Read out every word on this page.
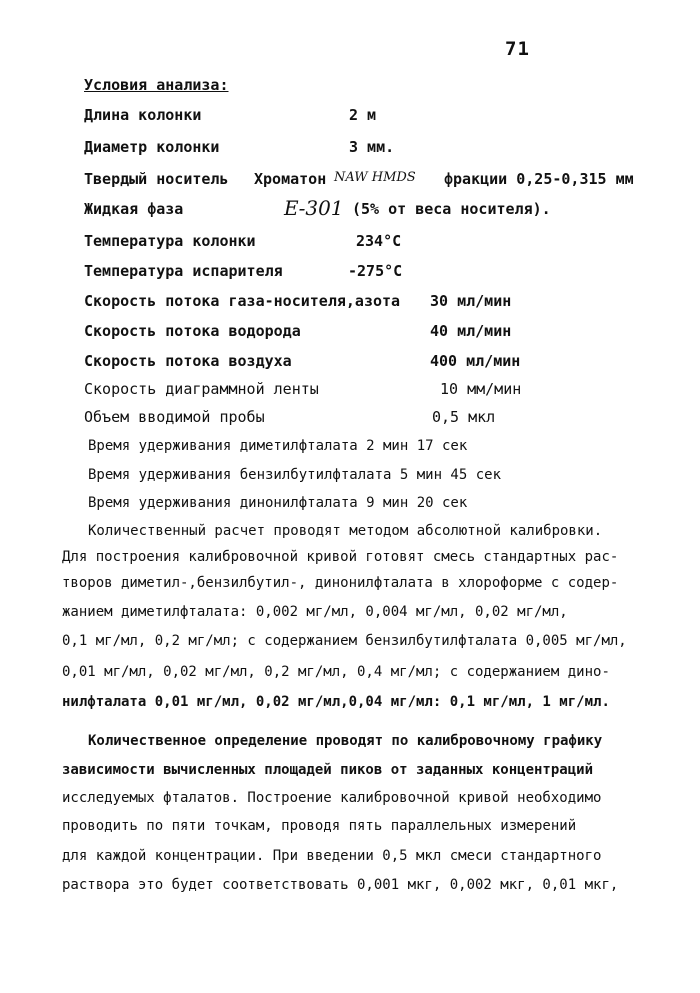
71
Условия анализа:
Длина колонки	2 м
Диаметр колонки	3 мм.
Твердый носитель Хроматон NAW HMDS фракции 0,25-0,315 мм
Жидкая фаза	Е-301 (5% от веса носителя).
Температура колонки	234°С
Температура испарителя	-275°С
Скорость потока газа-носителя,азота 30 мл/мин
Скорость потока водорода	40 мл/мин
Скорость потока воздуха	400 мл/мин
Скорость диаграммной ленты	10 мм/мин
Объем вводимой пробы	0,5 мкл
Время удерживания диметилфталата 2 мин 17 сек
Время удерживания бензилбутилфталата 5 мин 45 сек
Время удерживания динонилфталата 9 мин 20 сек
Количественный расчет проводят методом абсолютной калибровки.
Для построения калибровочной кривой готовят смесь стандартных рас-
творов диметил-,бензилбутил-, динонилфталата в хлороформе с содер-
жанием диметилфталата: 0,002 мг/мл, 0,004 мг/мл, 0,02 мг/мл,
0,1 мг/мл, 0,2 мг/мл; с содержанием бензилбутилфталата 0,005 мг/мл,
0,01 мг/мл, 0,02 мг/мл, 0,2 мг/мл, 0,4 мг/мл; с содержанием дино-
нилфталата 0,01 мг/мл, 0,02 мг/мл,0,04 мг/мл: 0,1 мг/мл, 1 мг/мл.
Количественное определение проводят по калибровочному графику
зависимости вычисленных площадей пиков от заданных концентраций
исследуемых фталатов. Построение калибровочной кривой необходимо
проводить по пяти точкам, проводя пять параллельных измерений
для каждой концентрации. При введении 0,5 мкл смеси стандартного
раствора это будет соответствовать 0,001 мкг, 0,002 мкг, 0,01 мкг,
